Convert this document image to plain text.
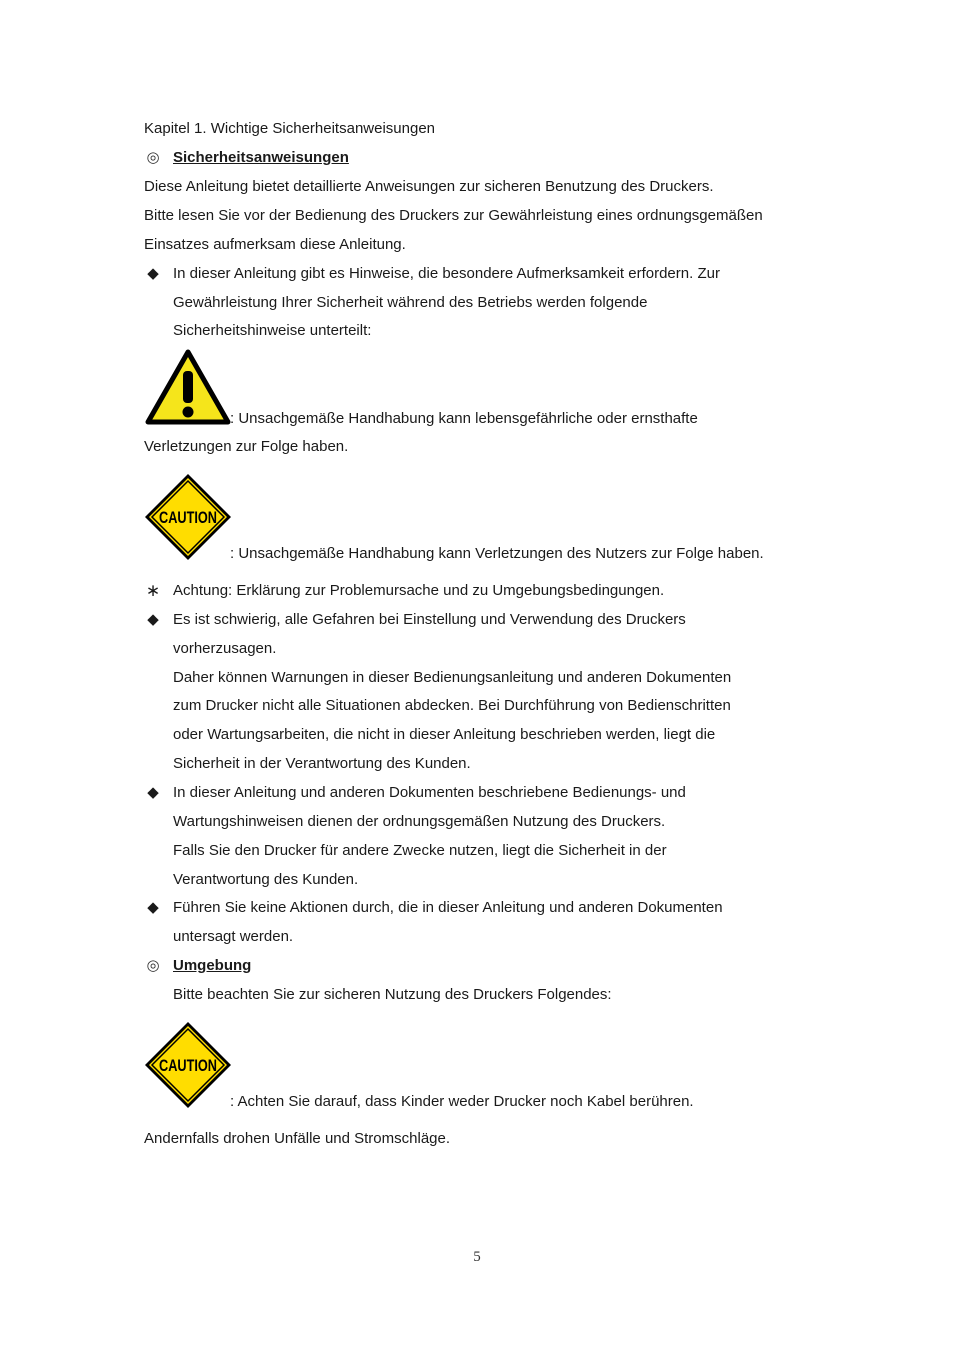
Kapitel 1. Wichtige Sicherheitsanweisungen
◎ Sicherheitsanweisungen
Diese Anleitung bietet detaillierte Anweisungen zur sicheren Benutzung des Druckers.
Bitte lesen Sie vor der Bedienung des Druckers zur Gewährleistung eines ordnungsgemäßen
Einsatzes aufmerksam diese Anleitung.
◆ In dieser Anleitung gibt es Hinweise, die besondere Aufmerksamkeit erfordern. Zur
Gewährleistung Ihrer Sicherheit während des Betriebs werden folgende
Sicherheitshinweise unterteilt:
: Unsachgemäße Handhabung kann lebensgefährliche oder ernsthafte
Verletzungen zur Folge haben.
CAUTION
: Unsachgemäße Handhabung kann Verletzungen des Nutzers zur Folge haben.
∗ Achtung: Erklärung zur Problemursache und zu Umgebungsbedingungen.
◆ Es ist schwierig, alle Gefahren bei Einstellung und Verwendung des Druckers
vorherzusagen.
Daher können Warnungen in dieser Bedienungsanleitung und anderen Dokumenten
zum Drucker nicht alle Situationen abdecken. Bei Durchführung von Bedienschritten
oder Wartungsarbeiten, die nicht in dieser Anleitung beschrieben werden, liegt die
Sicherheit in der Verantwortung des Kunden.
◆ In dieser Anleitung und anderen Dokumenten beschriebene Bedienungs- und
Wartungshinweisen dienen der ordnungsgemäßen Nutzung des Druckers.
Falls Sie den Drucker für andere Zwecke nutzen, liegt die Sicherheit in der
Verantwortung des Kunden.
◆ Führen Sie keine Aktionen durch, die in dieser Anleitung und anderen Dokumenten
untersagt werden.
◎ Umgebung
Bitte beachten Sie zur sicheren Nutzung des Druckers Folgendes:
CAUTION
: Achten Sie darauf, dass Kinder weder Drucker noch Kabel berühren.
Andernfalls drohen Unfälle und Stromschläge.
5
